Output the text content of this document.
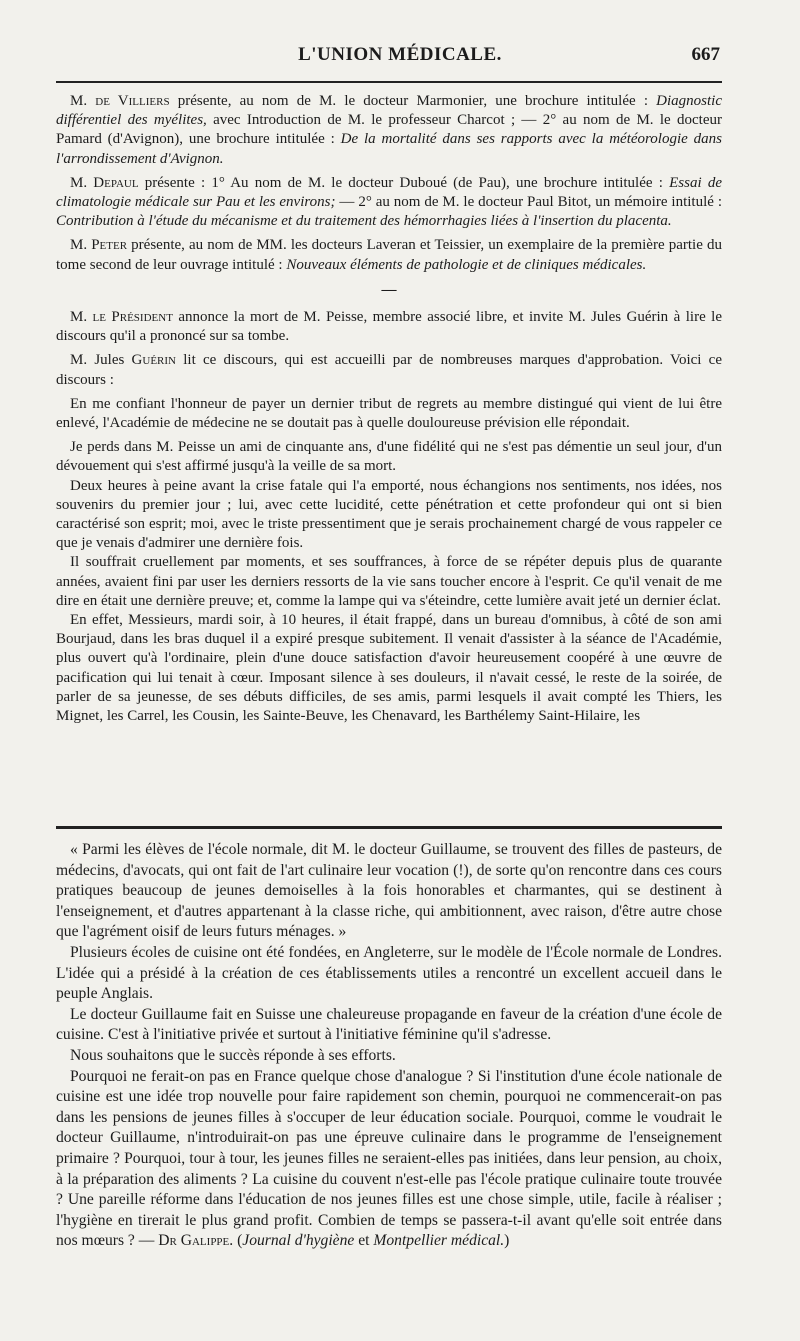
L'UNION MÉDICALE.	667

M. de Villiers présente, au nom de M. le docteur Marmonier, une brochure intitulée : Diagnostic différentiel des myélites, avec Introduction de M. le professeur Charcot ; — 2° au nom de M. le docteur Pamard (d'Avignon), une brochure intitulée : De la mortalité dans ses rapports avec la météorologie dans l'arrondissement d'Avignon.

M. Depaul présente : 1° Au nom de M. le docteur Duboué (de Pau), une brochure intitulée : Essai de climatologie médicale sur Pau et les environs; — 2° au nom de M. le docteur Paul Bitot, un mémoire intitulé : Contribution à l'étude du mécanisme et du traitement des hémorrhagies liées à l'insertion du placenta.

M. Peter présente, au nom de MM. les docteurs Laveran et Teissier, un exemplaire de la première partie du tome second de leur ouvrage intitulé : Nouveaux éléments de pathologie et de cliniques médicales.

—

M. le Président annonce la mort de M. Peisse, membre associé libre, et invite M. Jules Guérin à lire le discours qu'il a prononcé sur sa tombe.

M. Jules Guérin lit ce discours, qui est accueilli par de nombreuses marques d'approbation. Voici ce discours :

En me confiant l'honneur de payer un dernier tribut de regrets au membre distingué qui vient de lui être enlevé, l'Académie de médecine ne se doutait pas à quelle douloureuse prévision elle répondait.

Je perds dans M. Peisse un ami de cinquante ans, d'une fidélité qui ne s'est pas démentie un seul jour, d'un dévouement qui s'est affirmé jusqu'à la veille de sa mort.

Deux heures à peine avant la crise fatale qui l'a emporté, nous échangions nos sentiments, nos idées, nos souvenirs du premier jour ; lui, avec cette lucidité, cette pénétration et cette profondeur qui ont si bien caractérisé son esprit; moi, avec le triste pressentiment que je serais prochainement chargé de vous rappeler ce que je venais d'admirer une dernière fois.

Il souffrait cruellement par moments, et ses souffrances, à force de se répéter depuis plus de quarante années, avaient fini par user les derniers ressorts de la vie sans toucher encore à l'esprit. Ce qu'il venait de me dire en était une dernière preuve; et, comme la lampe qui va s'éteindre, cette lumière avait jeté un dernier éclat.

En effet, Messieurs, mardi soir, à 10 heures, il était frappé, dans un bureau d'omnibus, à côté de son ami Bourjaud, dans les bras duquel il a expiré presque subitement. Il venait d'assister à la séance de l'Académie, plus ouvert qu'à l'ordinaire, plein d'une douce satisfaction d'avoir heureusement coopéré à une œuvre de pacification qui lui tenait à cœur. Imposant silence à ses douleurs, il n'avait cessé, le reste de la soirée, de parler de sa jeunesse, de ses débuts difficiles, de ses amis, parmi lesquels il avait compté les Thiers, les Mignet, les Carrel, les Cousin, les Sainte-Beuve, les Chenavard, les Barthélemy Saint-Hilaire, les

« Parmi les élèves de l'école normale, dit M. le docteur Guillaume, se trouvent des filles de pasteurs, de médecins, d'avocats, qui ont fait de l'art culinaire leur vocation (!), de sorte qu'on rencontre dans ces cours pratiques beaucoup de jeunes demoiselles à la fois honorables et charmantes, qui se destinent à l'enseignement, et d'autres appartenant à la classe riche, qui ambitionnent, avec raison, d'être autre chose que l'agrément oisif de leurs futurs ménages. »

Plusieurs écoles de cuisine ont été fondées, en Angleterre, sur le modèle de l'École normale de Londres. L'idée qui a présidé à la création de ces établissements utiles a rencontré un excellent accueil dans le peuple Anglais.

Le docteur Guillaume fait en Suisse une chaleureuse propagande en faveur de la création d'une école de cuisine. C'est à l'initiative privée et surtout à l'initiative féminine qu'il s'adresse.

Nous souhaitons que le succès réponde à ses efforts.

Pourquoi ne ferait-on pas en France quelque chose d'analogue ? Si l'institution d'une école nationale de cuisine est une idée trop nouvelle pour faire rapidement son chemin, pourquoi ne commencerait-on pas dans les pensions de jeunes filles à s'occuper de leur éducation sociale. Pourquoi, comme le voudrait le docteur Guillaume, n'introduirait-on pas une épreuve culinaire dans le programme de l'enseignement primaire ? Pourquoi, tour à tour, les jeunes filles ne seraient-elles pas initiées, dans leur pension, au choix, à la préparation des aliments ? La cuisine du couvent n'est-elle pas l'école pratique culinaire toute trouvée ? Une pareille réforme dans l'éducation de nos jeunes filles est une chose simple, utile, facile à réaliser ; l'hygiène en tirerait le plus grand profit. Combien de temps se passera-t-il avant qu'elle soit entrée dans nos mœurs ? — Dr Galippe. (Journal d'hygiène et Montpellier médical.)
